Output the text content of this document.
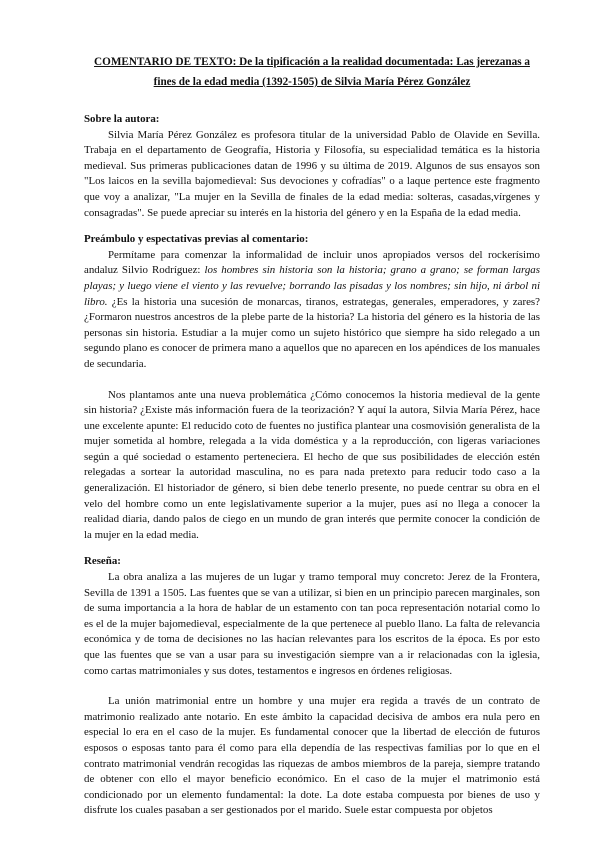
COMENTARIO DE TEXTO: De la tipificación a la realidad documentada: Las jerezanas a fines de la edad media (1392-1505) de Silvia María Pérez González

Sobre la autora:

Silvia María Pérez González es profesora titular de la universidad Pablo de Olavide en Sevilla. Trabaja en el departamento de Geografía, Historia y Filosofía, su especialidad temática es la historia medieval. Sus primeras publicaciones datan de 1996 y su última de 2019. Algunos de sus ensayos son "Los laicos en la sevilla bajomedieval: Sus devociones y cofradías" o a laque pertence este fragmento que voy a analizar, "La mujer en la Sevilla de finales de la edad media: solteras, casadas,vírgenes y consagradas". Se puede apreciar su interés en la historia del género y en la España de la edad media.

Preámbulo y espectativas previas al comentario:

Permítame para comenzar la informalidad de incluir unos apropiados versos del rockerísimo andaluz Silvio Rodríguez: los hombres sin historia son la historia; grano a grano; se forman largas playas; y luego viene el viento y las revuelve; borrando las pisadas y los nombres; sin hijo, ni árbol ni libro. ¿Es la historia una sucesión de monarcas, tiranos, estrategas, generales, emperadores, y zares? ¿Formaron nuestros ancestros de la plebe parte de la historia? La historia del género es la historia de las personas sin historia. Estudiar a la mujer como un sujeto histórico que siempre ha sido relegado a un segundo plano es conocer de primera mano a aquellos que no aparecen en los apéndices de los manuales de secundaria.

Nos plantamos ante una nueva problemática ¿Cómo conocemos la historia medieval de la gente sin historia? ¿Existe más información fuera de la teorización? Y aquí la autora, Silvia María Pérez, hace une excelente apunte: El reducido coto de fuentes no justifica plantear una cosmovisión generalista de la mujer sometida al hombre, relegada a la vida doméstica y a la reproducción, con ligeras variaciones según a qué sociedad o estamento perteneciera. El hecho de que sus posibilidades de elección estén relegadas a sortear la autoridad masculina, no es para nada pretexto para reducir todo caso a la generalización. El historiador de género, si bien debe tenerlo presente, no puede centrar su obra en el velo del hombre como un ente legislativamente superior a la mujer, pues así no llega a conocer la realidad diaria, dando palos de ciego en un mundo de gran interés que permite conocer la condición de la mujer en la edad media.

Reseña:

La obra analiza a las mujeres de un lugar y tramo temporal muy concreto: Jerez de la Frontera, Sevilla de 1391 a 1505. Las fuentes que se van a utilizar, si bien en un principio parecen marginales, son de suma importancia a la hora de hablar de un estamento con tan poca representación notarial como lo es el de la mujer bajomedieval, especialmente de la que pertenece al pueblo llano. La falta de relevancia económica y de toma de decisiones no las hacían relevantes para los escritos de la época. Es por esto que las fuentes que se van a usar para su investigación siempre van a ir relacionadas con la iglesia, como cartas matrimoniales y sus dotes, testamentos e ingresos en órdenes religiosas.

La unión matrimonial entre un hombre y una mujer era regida a través de un contrato de matrimonio realizado ante notario. En este ámbito la capacidad decisiva de ambos era nula pero en especial lo era en el caso de la mujer. Es fundamental conocer que la libertad de elección de futuros esposos o esposas tanto para él como para ella dependía de las respectivas familias por lo que en el contrato matrimonial vendrán recogidas las riquezas de ambos miembros de la pareja, siempre tratando de obtener con ello el mayor beneficio económico. En el caso de la mujer el matrimonio está condicionado por un elemento fundamental: la dote. La dote estaba compuesta por bienes de uso y disfrute los cuales pasaban a ser gestionados por el marido. Suele estar compuesta por objetos
